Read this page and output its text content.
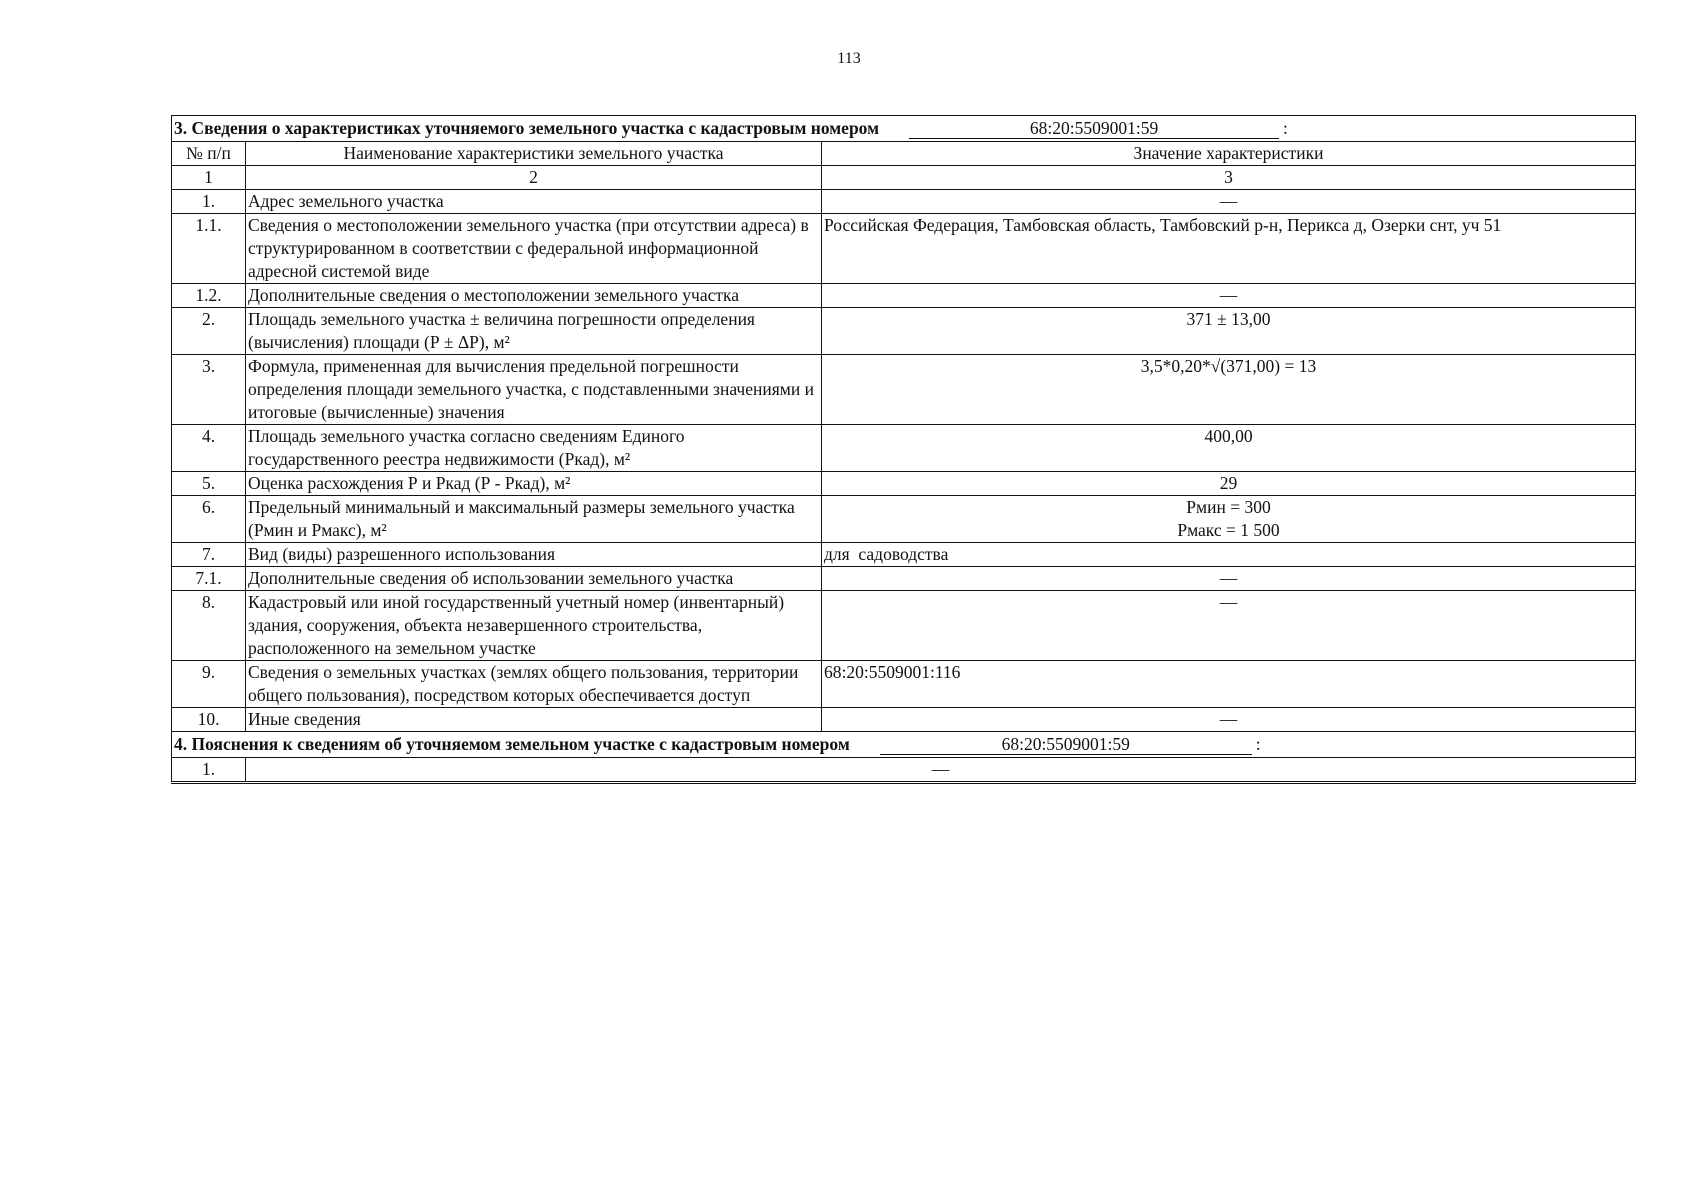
113
3. Сведения о характеристиках уточняемого земельного участка с кадастровым номером 68:20:5509001:59 :		
№ п/п	Наименование характеристики земельного участка	Значение характеристики
1	2	3
1.	Адрес земельного участка	—
1.1.	Сведения о местоположении земельного участка (при отсутствии адреса) в структурированном в соответствии с федеральной информационной адресной системой виде	Российская Федерация, Тамбовская область, Тамбовский р-н, Перикса д, Озерки снт, уч 51
1.2.	Дополнительные сведения о местоположении земельного участка	—
2.	Площадь земельного участка ± величина погрешности определения (вычисления) площади (Р ± ΔР), м²	371 ± 13,00
3.	Формула, примененная для вычисления предельной погрешности определения площади земельного участка, с подставленными значениями и итоговые (вычисленные) значения	3,5*0,20*√(371,00) = 13
4.	Площадь земельного участка согласно сведениям Единого государственного реестра недвижимости (Ркад), м²	400,00
5.	Оценка расхождения Р и Ркад (Р - Ркад), м²	29
6.	Предельный минимальный и максимальный размеры земельного участка (Рмин и Рмакс), м²	Рмин = 300
Рмакс = 1 500

7.	Вид (виды) разрешенного использования	для  садоводства
7.1.	Дополнительные сведения об использовании земельного участка	—
8.	Кадастровый или иной государственный учетный номер (инвентарный) здания, сооружения, объекта незавершенного строительства, расположенного на земельном участке	—
9.	Сведения о земельных участках (землях общего пользования, территории общего пользования), посредством которых обеспечивается доступ	68:20:5509001:116
10.	Иные сведения	—
4. Пояснения к сведениям об уточняемом земельном участке с кадастровым номером 68:20:5509001:59 :		
1.	—	
